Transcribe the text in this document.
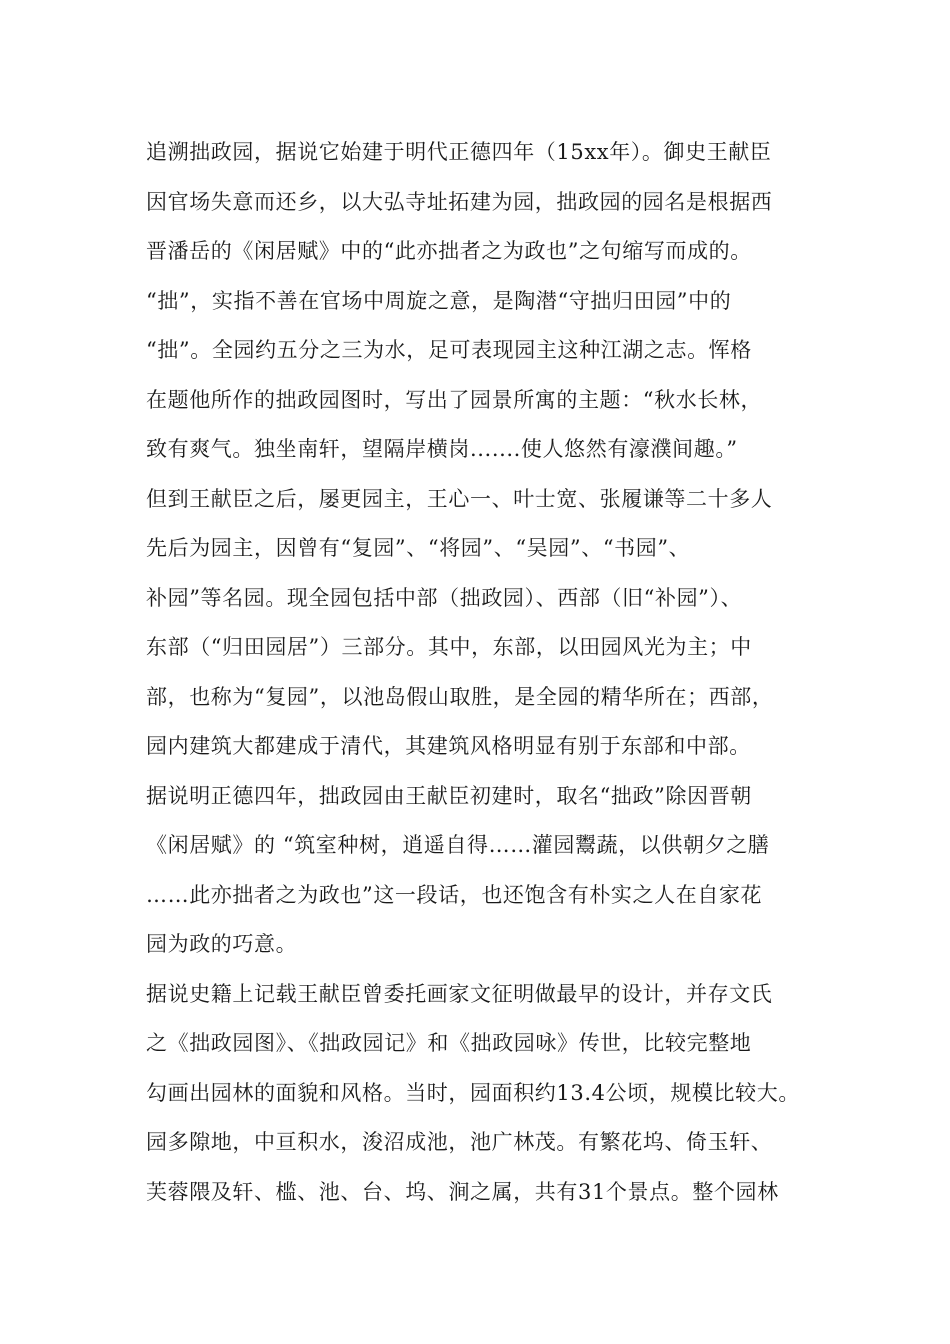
追溯拙政园，据说它始建于明代正德四年（15xx年）。御史王献臣
因官场失意而还乡，以大弘寺址拓建为园，拙政园的园名是根据西
晋潘岳的《闲居赋》中的“此亦拙者之为政也”之句缩写而成的。
“拙”，实指不善在官场中周旋之意，是陶潜“守拙归田园”中的
“拙”。全园约五分之三为水，足可表现园主这种江湖之志。恽格
在题他所作的拙政园图时，写出了园景所寓的主题：“秋水长林，
致有爽气。独坐南轩，望隔岸横岗.......使人悠然有濠濮间趣。”
但到王献臣之后，屡更园主，王心一、叶士宽、张履谦等二十多人
先后为园主，因曾有“复园”、“将园”、“吴园”、“书园”、
补园”等名园。现全园包括中部（拙政园）、西部（旧“补园”）、
东部（“归田园居”）三部分。其中，东部，以田园风光为主；中
部，也称为“复园”，以池岛假山取胜，是全园的精华所在；西部，
园内建筑大都建成于清代，其建筑风格明显有别于东部和中部。
据说明正德四年，拙政园由王献臣初建时，取名“拙政”除因晋朝
《闲居赋》的 “筑室种树，逍遥自得……灌园鬻蔬，以供朝夕之膳
……此亦拙者之为政也”这一段话，也还饱含有朴实之人在自家花
园为政的巧意。
据说史籍上记载王献臣曾委托画家文征明做最早的设计，并存文氏
之《拙政园图》、《拙政园记》和《拙政园咏》传世，比较完整地
勾画出园林的面貌和风格。当时，园面积约13.4公顷，规模比较大。
园多隙地，中亘积水，浚沼成池，池广林茂。有繁花坞、倚玉轩、
芙蓉隈及轩、槛、池、台、坞、涧之属，共有31个景点。整个园林
